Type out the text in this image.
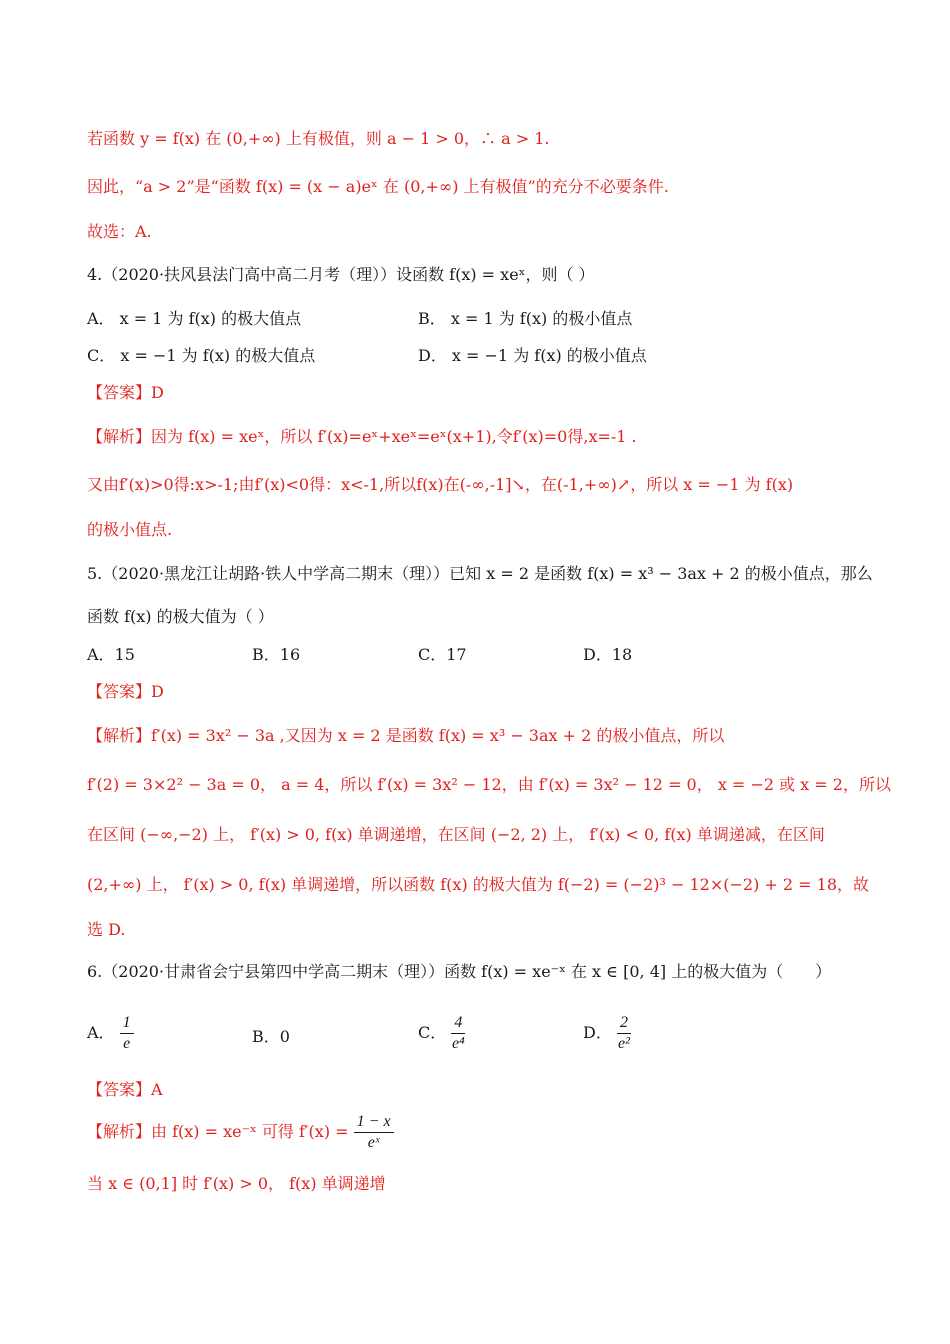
若函数 y = f(x) 在 (0,+∞) 上有极值，则 a − 1 > 0，∴ a > 1.
因此，“a > 2”是“函数 f(x) = (x − a)eˣ 在 (0,+∞) 上有极值”的充分不必要条件.
故选：A.
4.（2020·扶风县法门高中高二月考（理））设函数 f(x) = xeˣ，则（ ）
A． x = 1 为 f(x) 的极大值点	B． x = 1 为 f(x) 的极小值点
C． x = −1 为 f(x) 的极大值点	D． x = −1 为 f(x) 的极小值点
【答案】D
【解析】因为 f(x) = xeˣ，所以 f′(x)=eˣ+xeˣ=eˣ(x+1),令f′(x)=0得,x=-1 .
又由f′(x)>0得:x>-1;由f′(x)<0得：x<-1,所以f(x)在(-∞,-1]↘，在(-1,+∞)↗，所以 x = −1 为 f(x)
的极小值点.
5.（2020·黑龙江让胡路·铁人中学高二期末（理））已知 x = 2 是函数 f(x) = x³ − 3ax + 2 的极小值点，那么
函数 f(x) 的极大值为（ ）
A．15	B．16	C．17	D．18
【答案】D
【解析】f′(x) = 3x² − 3a ,又因为 x = 2 是函数 f(x) = x³ − 3ax + 2 的极小值点，所以
f′(2) = 3×2² − 3a = 0， a = 4，所以 f′(x) = 3x² − 12，由 f′(x) = 3x² − 12 = 0， x = −2 或 x = 2，所以
在区间 (−∞,−2) 上， f′(x) > 0, f(x) 单调递增，在区间 (−2, 2) 上， f′(x) < 0, f(x) 单调递减，在区间
(2,+∞) 上， f′(x) > 0, f(x) 单调递增，所以函数 f(x) 的极大值为 f(−2) = (−2)³ − 12×(−2) + 2 = 18，故
选 D.
6.（2020·甘肃省会宁县第四中学高二期末（理））函数 f(x) = xe⁻ˣ 在 x ∈ [0, 4] 上的极大值为（　　）
A． $\frac{1}{e}$	B．0	C． $\frac{4}{\text{e⁴}}$	D． $\frac{2}{\text{e²}}$
【答案】A
【解析】由 f(x) = xe⁻ˣ 可得 $f'(x) = \frac{1 - x}{\text{eˣ}}$
当 x ∈ (0,1] 时 f′(x) > 0， f(x) 单调递增
